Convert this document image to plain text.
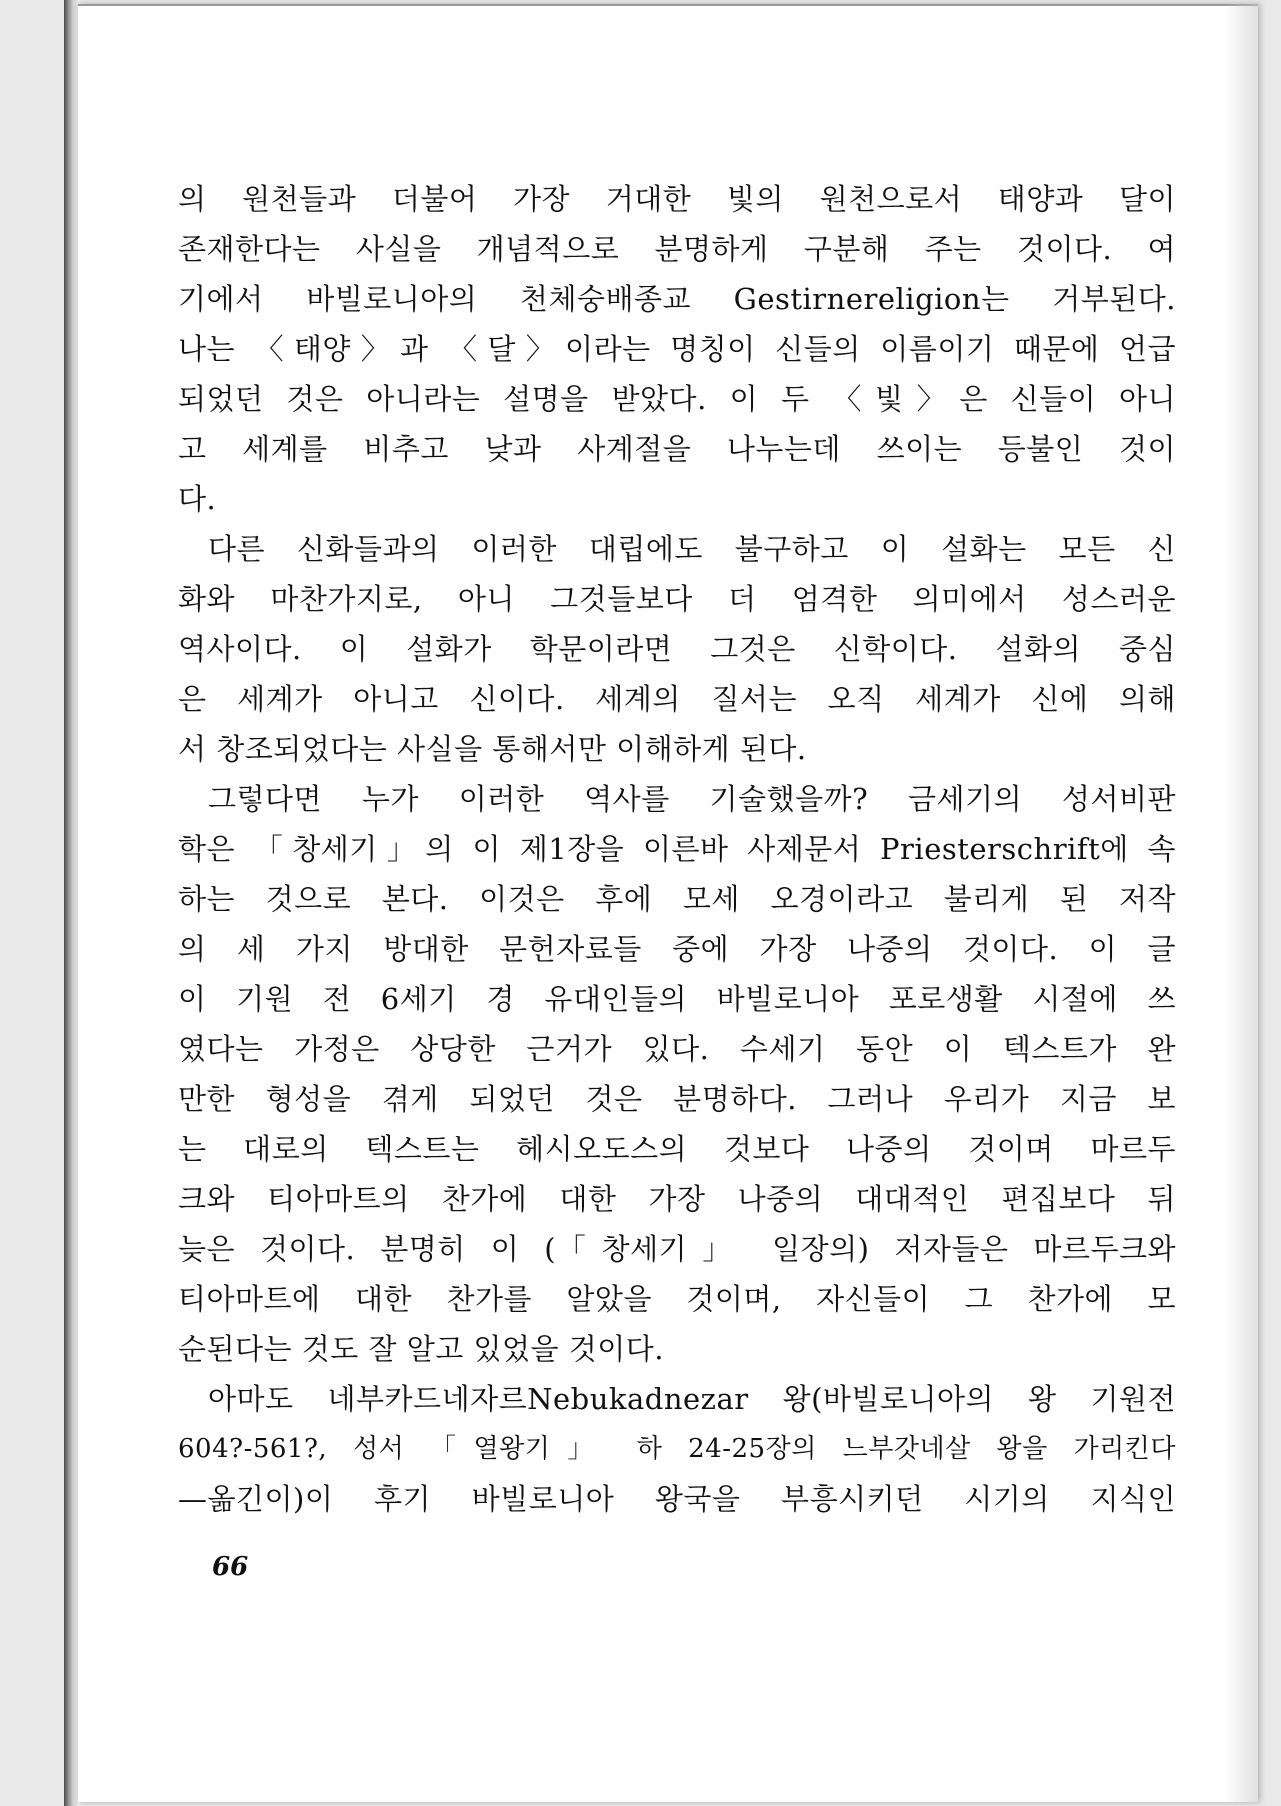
의 원천들과 더불어 가장 거대한 빛의 원천으로서 태양과 달이
존재한다는 사실을 개념적으로 분명하게 구분해 주는 것이다. 여
기에서 바빌로니아의 천체숭배종교 Gestirnereligion는 거부된다.
나는 〈태양〉과 〈달〉이라는 명칭이 신들의 이름이기 때문에 언급
되었던 것은 아니라는 설명을 받았다. 이 두 〈빛〉은 신들이 아니
고 세계를 비추고 낮과 사계절을 나누는데 쓰이는 등불인 것이
다.
다른 신화들과의 이러한 대립에도 불구하고 이 설화는 모든 신
화와 마찬가지로, 아니 그것들보다 더 엄격한 의미에서 성스러운
역사이다. 이 설화가 학문이라면 그것은 신학이다. 설화의 중심
은 세계가 아니고 신이다. 세계의 질서는 오직 세계가 신에 의해
서 창조되었다는 사실을 통해서만 이해하게 된다.
그렇다면 누가 이러한 역사를 기술했을까? 금세기의 성서비판
학은 「창세기」의 이 제1장을 이른바 사제문서 Priesterschrift에 속
하는 것으로 본다. 이것은 후에 모세 오경이라고 불리게 된 저작
의 세 가지 방대한 문헌자료들 중에 가장 나중의 것이다. 이 글
이 기원 전 6세기 경 유대인들의 바빌로니아 포로생활 시절에 쓰
였다는 가정은 상당한 근거가 있다. 수세기 동안 이 텍스트가 완
만한 형성을 겪게 되었던 것은 분명하다. 그러나 우리가 지금 보
는 대로의 텍스트는 헤시오도스의 것보다 나중의 것이며 마르두
크와 티아마트의 찬가에 대한 가장 나중의 대대적인 편집보다 뒤
늦은 것이다. 분명히 이 (「창세기」 일장의) 저자들은 마르두크와
티아마트에 대한 찬가를 알았을 것이며, 자신들이 그 찬가에 모
순된다는 것도 잘 알고 있었을 것이다.
아마도 네부카드네자르Nebukadnezar 왕(바빌로니아의 왕 기원전
604?-561?, 성서 「열왕기」 하 24-25장의 느부갓네살 왕을 가리킨다
—옮긴이)이 후기 바빌로니아 왕국을 부흥시키던 시기의 지식인
66
